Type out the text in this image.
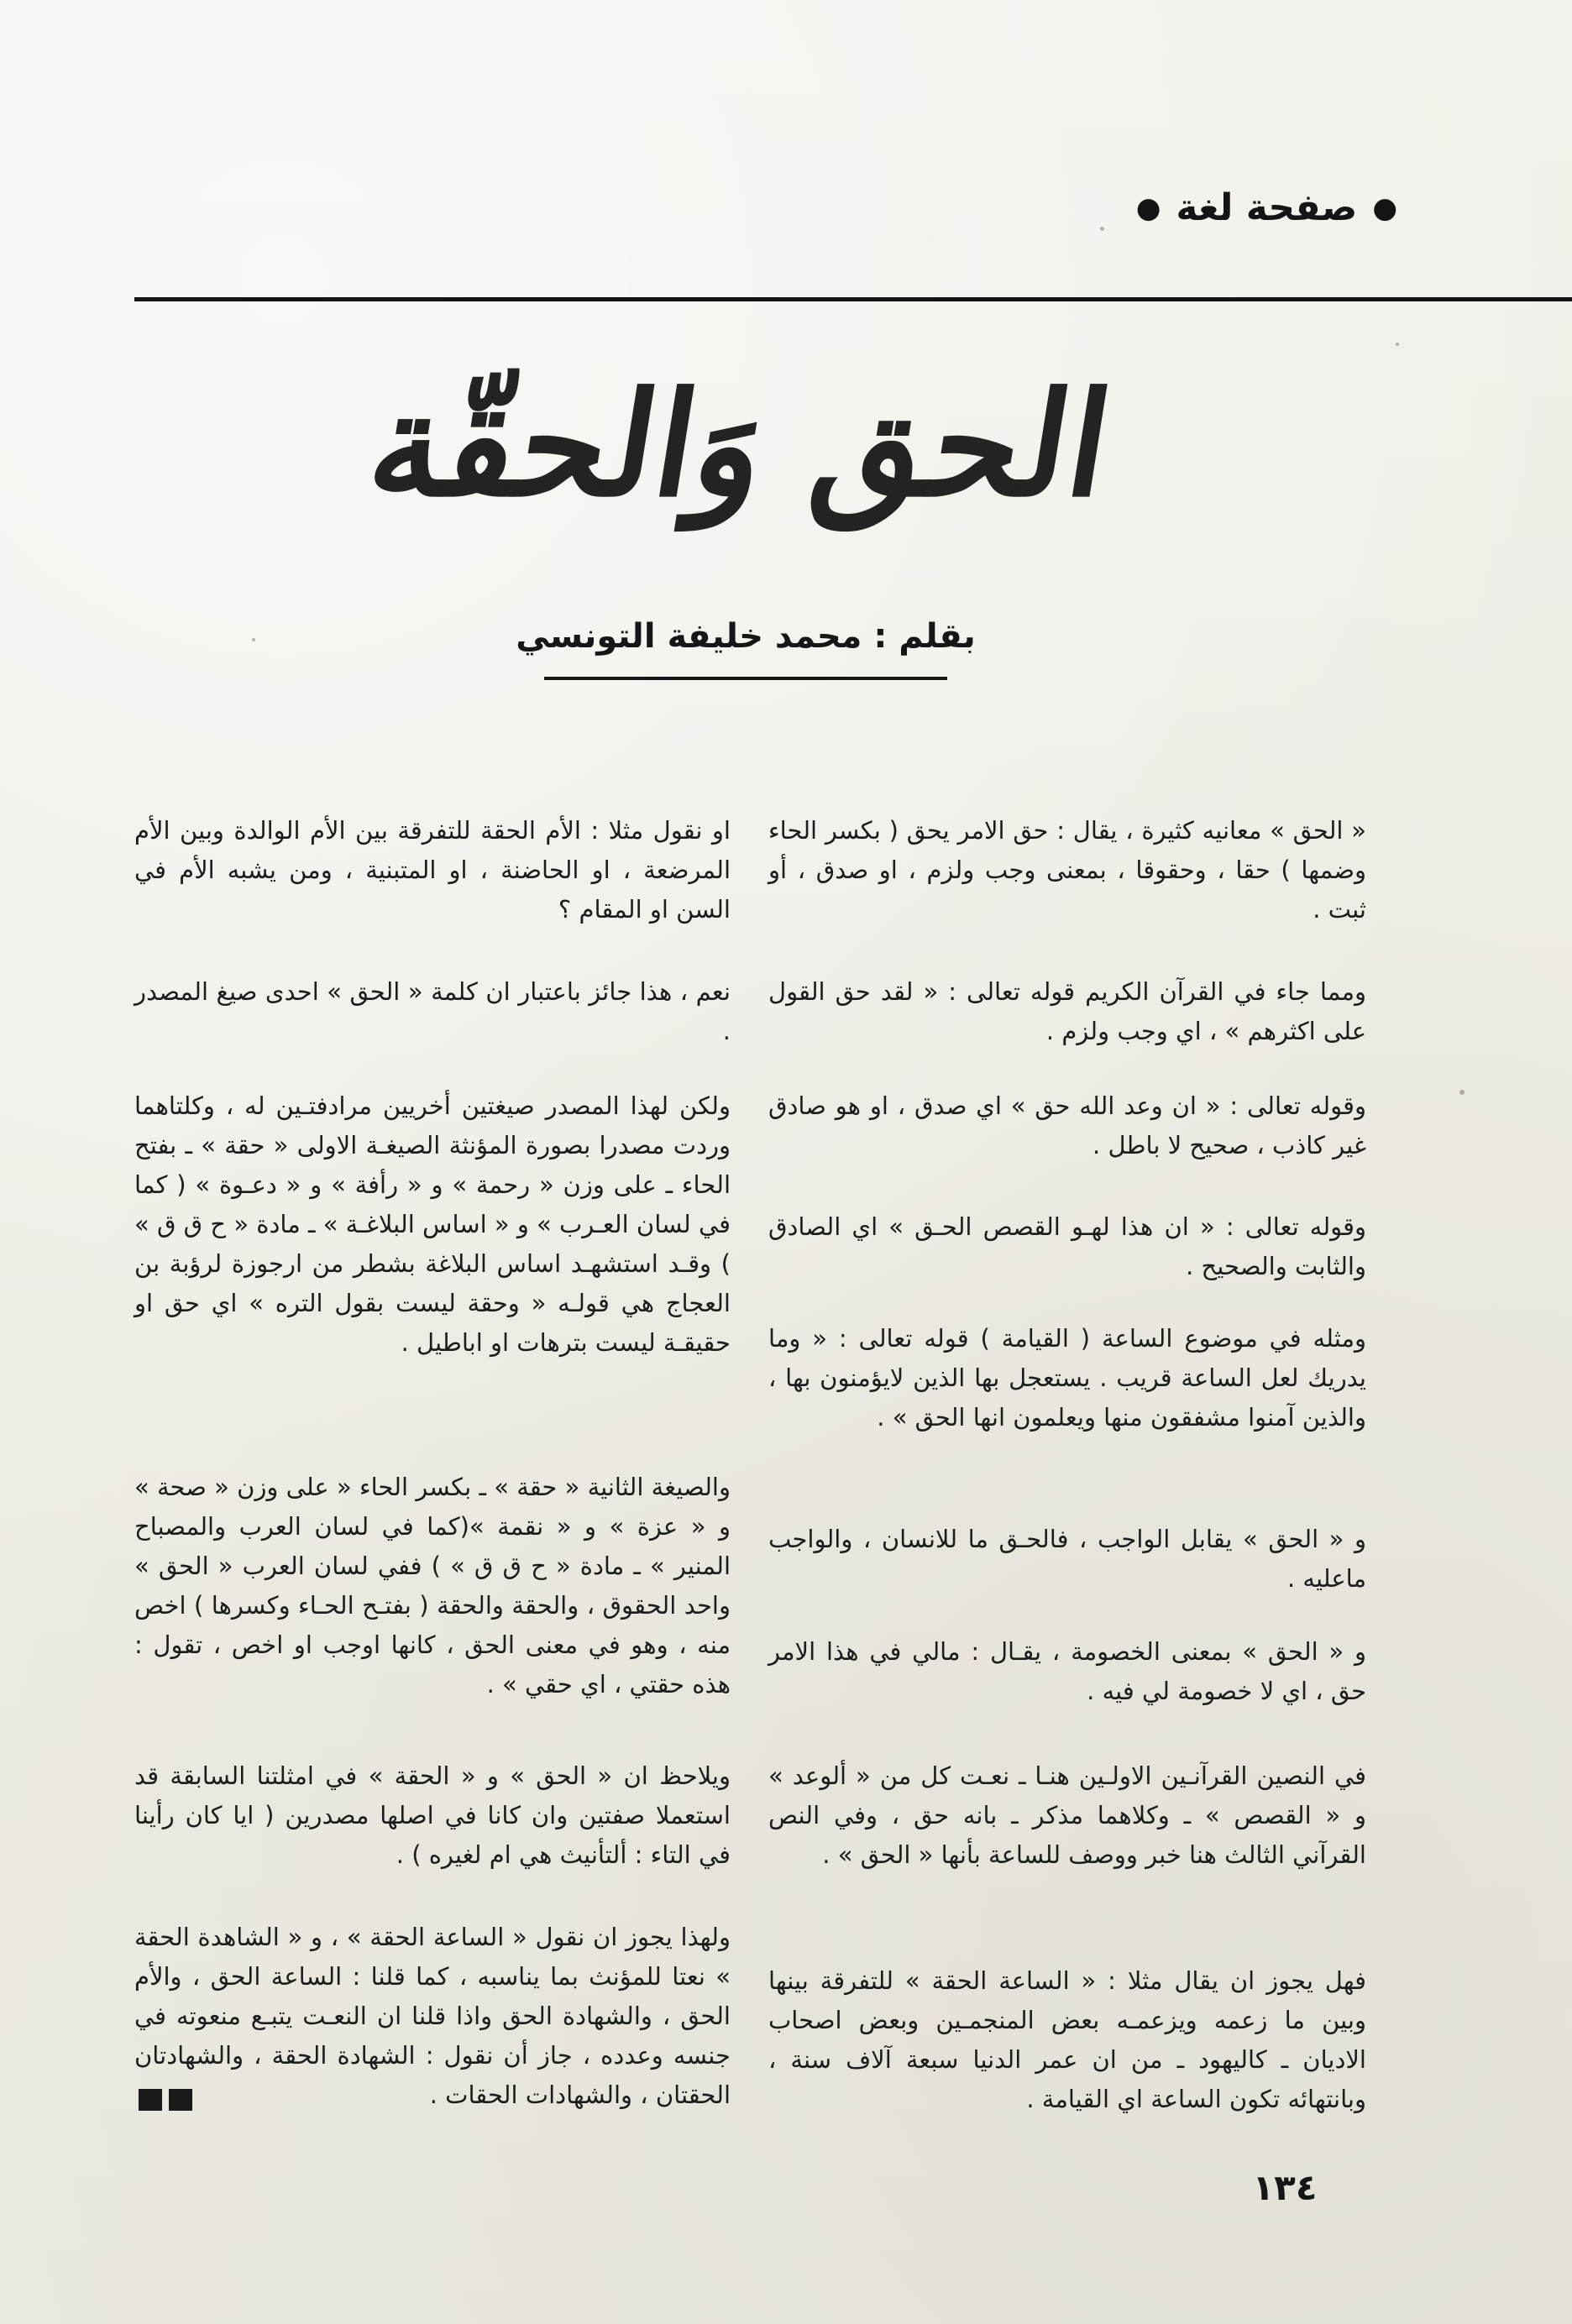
●
صفحة لغة
●
الحق وَالحقّة
بقلم : محمد خليفة التونسي

« الحق » معانيه كثيرة ، يقال : حق الامر يحق ( بكسر الحاء وضمها ) حقا ، وحقوقا ، بمعنى وجب ولزم ، او صدق ، أو ثبت .

ومما جاء في القرآن الكريم قوله تعالى : « لقد حق القول على اكثرهم » ، اي وجب ولزم .

وقوله تعالى : « ان وعد الله حق » اي صدق ، او هو صادق غير كاذب ، صحيح لا باطل .

وقوله تعالى : « ان هذا لهـو القصص الحـق » اي الصادق والثابت والصحيح .

ومثله في موضوع الساعة ( القيامة ) قوله تعالى : « وما يدريك لعل الساعة قريب . يستعجل بها الذين لايؤمنون بها ، والذين آمنوا مشفقون منها ويعلمون انها الحق » .

و « الحق » يقابل الواجب ، فالحـق ما للانسان ، والواجب ماعليه .

و « الحق » بمعنى الخصومة ، يقـال : مالي في هذا الامر حق ، اي لا خصومة لي فيه .

في النصين القرآنـين الاولـين هنـا ـ نعـت كل من « ألوعد » و « القصص » ـ وكلاهما مذكر ـ بانه حق ، وفي النص القرآني الثالث هنا خبر ووصف للساعة بأنها « الحق » .

فهل يجوز ان يقال مثلا : « الساعة الحقة » للتفرقة بينها وبين ما زعمه ويزعمـه بعض المنجمـين وبعض اصحاب الاديان ـ كاليهود ـ من ان عمر الدنيا سبعة آلاف سنة ، وبانتهائه تكون الساعة اي القيامة .

او نقول مثلا : الأم الحقة للتفرقة بين الأم الوالدة وبين الأم المرضعة ، او الحاضنة ، او المتبنية ، ومن يشبه الأم في السن او المقام ؟

نعم ، هذا جائز باعتبار ان كلمة « الحق » احدى صيغ المصدر .

ولكن لهذا المصدر صيغتين أخريين مرادفتـين له ، وكلتاهما وردت مصدرا بصورة المؤنثة الصيغـة الاولى « حقة » ـ بفتح الحاء ـ على وزن « رحمة » و « رأفة » و « دعـوة » ( كما في لسان العـرب » و « اساس البلاغـة » ـ مادة « ح ق ق » ) وقـد استشهـد اساس البلاغة بشطر من ارجوزة لرؤبة بن العجاج هي قولـه « وحقة ليست بقول التره » اي حق او حقيقـة ليست بترهات او اباطيل .

والصيغة الثانية « حقة » ـ بكسر الحاء « على وزن « صحة » و « عزة » و « نقمة »(كما في لسان العرب والمصباح المنير » ـ مادة « ح ق ق » ) ففي لسان العرب « الحق » واحد الحقوق ، والحقة والحقة ( بفتـح الحـاء وكسرها ) اخص منه ، وهو في معنى الحق ، كانها اوجب او اخص ، تقول : هذه حقتي ، اي حقي » .

ويلاحظ ان « الحق » و « الحقة » في امثلتنا السابقة قد استعملا صفتين وان كانا في اصلها مصدرين ( ايا كان رأينا في التاء : ألتأنيث هي ام لغيره ) .

ولهذا يجوز ان نقول « الساعة الحقة » ، و « الشاهدة الحقة » نعتا للمؤنث بما يناسبه ، كما قلنا : الساعة الحق ، والأم الحق ، والشهادة الحق واذا قلنا ان النعـت يتبـع منعوته في جنسه وعدده ، جاز أن نقول : الشهادة الحقة ، والشهادتان الحقتان ، والشهادات الحقات .

١٣٤
